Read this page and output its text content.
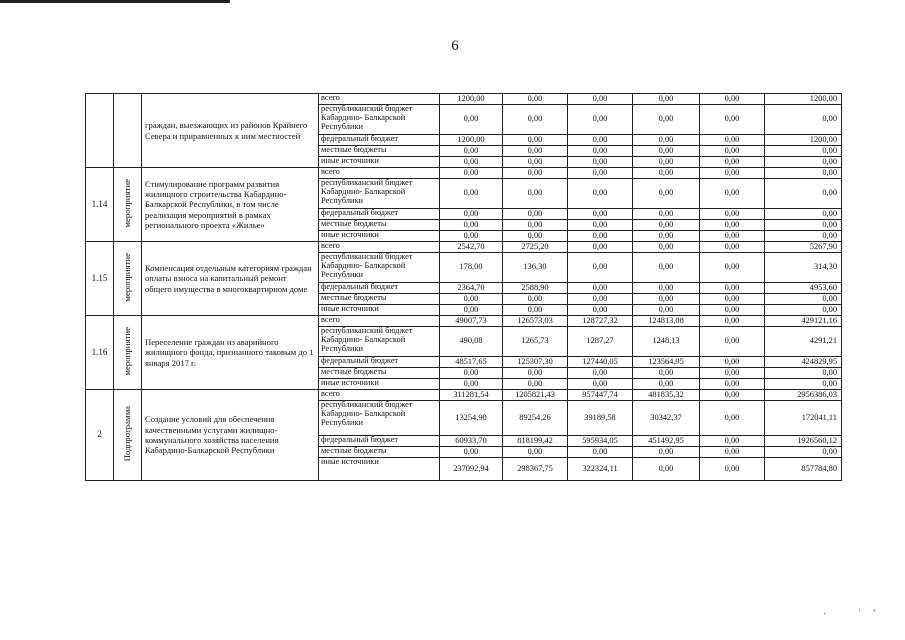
6
		граждан, выезжающих из районов Крайнего Севера и приравненных к ним местностей	всего	1200,00	0,00	0,00	0,00	0,00	1200,00
			республиканский бюджет Кабардино- Балкарской Республики	0,00	0,00	0,00	0,00	0,00	0,00
			федеральный бюджет	1200,00	0,00	0,00	0,00	0,00	1200,00
			местные бюджеты	0,00	0,00	0,00	0,00	0,00	0,00
			иные источники	0,00	0,00	0,00	0,00	0,00	0,00
1.14	мероприятие	Стимулирование программ развития жилищного строительства Кабардино-Балкарской Республики, в том числе реализация мероприятий в рамках регионального проекта «Жилье»	всего	0,00	0,00	0,00	0,00	0,00	0,00
			республиканский бюджет Кабардино- Балкарской Республики	0,00	0,00	0,00	0,00	0,00	0,00
			федеральный бюджет	0,00	0,00	0,00	0,00	0,00	0,00
			местные бюджеты	0,00	0,00	0,00	0,00	0,00	0,00
			иные источники	0,00	0,00	0,00	0,00	0,00	0,00
1.15	мероприятие	Компенсация отдельным категориям граждан оплаты взноса на капитальный ремонт общего имущества в многоквартирном доме	всего	2542,70	2725,20	0,00	0,00	0,00	5267,90
			республиканский бюджет Кабардино- Балкарской Республики	178,00	136,30	0,00	0,00	0,00	314,30
			федеральный бюджет	2364,70	2588,90	0,00	0,00	0,00	4953,60
			местные бюджеты	0,00	0,00	0,00	0,00	0,00	0,00
			иные источники	0,00	0,00	0,00	0,00	0,00	0,00
1.16	мероприятие	Переселение граждан из аварийного жилищного фонда, признанного таковым до 1 января 2017 г.	всего	49007,73	126573,03	128727,32	124813,08	0,00	429121,16
			республиканский бюджет Кабардино- Балкарской Республики	490,08	1265,73	1287,27	1248,13	0,00	4291,21
			федеральный бюджет	48517,65	125307,30	127440,05	123564,95	0,00	424829,95
			местные бюджеты	0,00	0,00	0,00	0,00	0,00	0,00
			иные источники	0,00	0,00	0,00	0,00	0,00	0,00
2	Подпрограмма	Создание условий для обеспечения качественными услугами жилищно-коммунального хозяйства населения Кабардино-Балкарской Республики	всего	311281,54	1205821,43	957447,74	481835,32	0,00	2956386,03
			республиканский бюджет Кабардино- Балкарской Республики	13254,90	89254,26	39189,58	30342,37	0,00	172041,11
			федеральный бюджет	60933,70	818199,42	595934,05	451492,95	0,00	1926560,12
			местные бюджеты	0,00	0,00	0,00	0,00	0,00	0,00
			иные источники	237092,94	298367,75	322324,11	0,00	0,00	857784,80
٠	· ˇ
